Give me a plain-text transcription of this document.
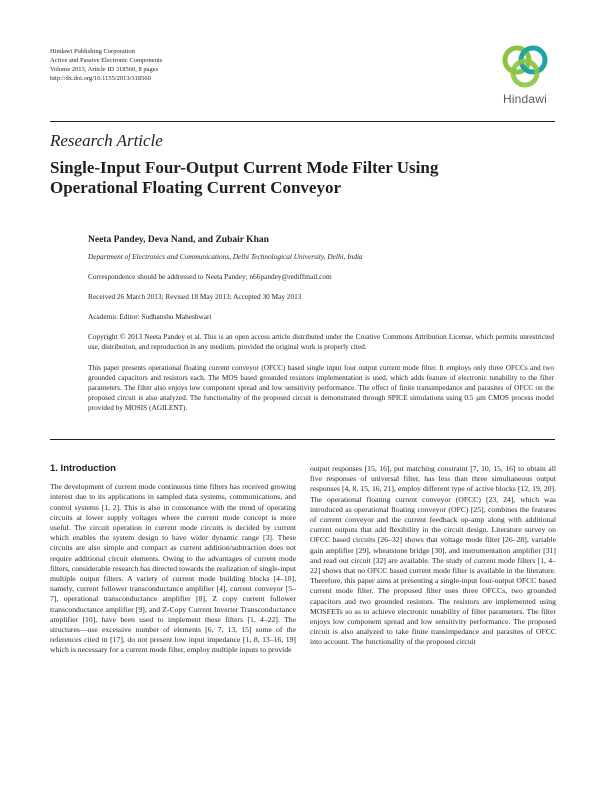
Hindawi Publishing Corporation
Active and Passive Electronic Components
Volume 2013, Article ID 318560, 8 pages
http://dx.doi.org/10.1155/2013/318560
Hindawi
Research Article
Single-Input Four-Output Current Mode Filter Using
Operational Floating Current Conveyor
Neeta Pandey, Deva Nand, and Zubair Khan
Department of Electronics and Communications, Delhi Technological University, Delhi, India
Correspondence should be addressed to Neeta Pandey; n66pandey@rediffmail.com
Received 26 March 2013; Revised 18 May 2013; Accepted 30 May 2013
Academic Editor: Sudhanshu Maheshwari
Copyright © 2013 Neeta Pandey et al. This is an open access article distributed under the Creative Commons Attribution License, which permits unrestricted use, distribution, and reproduction in any medium, provided the original work is properly cited.
This paper presents operational floating current conveyor (OFCC) based single input four output current mode filter. It employs only three OFCCs and two grounded capacitors and resistors each. The MOS based grounded resistors implementation is used, which adds feature of electronic tunability to the filter parameters. The filter also enjoys low component spread and low sensitivity performance. The effect of finite transimpedance and parasites of OFCC on the proposed circuit is also analyzed. The functionality of the proposed circuit is demonstrated through SPICE simulations using 0.5 µm CMOS process model provided by MOSIS (AGILENT).
1. Introduction

The development of current mode continuous time filters has received growing interest due to its applications in sampled data systems, communications, and control systems [1, 2]. This is also in consonance with the trend of operating circuits at lower supply voltages where the current mode concept is more useful. The circuit operation in current mode circuits is decided by current which enables the system design to have wider dynamic range [3]. These circuits are also simple and compact as current addition/subtraction does not require additional circuit elements. Owing to the advantages of current mode filters, considerable research has directed towards the realization of single-input multiple output filters. A variety of current mode building blocks [4–10], namely, current follower transconductance amplifier [4], current conveyor [5–7], operational transconductance amplifier [8], Z copy current follower transconductance amplifier [9], and Z-Copy Current Inverter Transconductance amplifier [10], have been used to implement these filters [1, 4–22]. The structures—use excessive number of elements [6, 7, 13, 15] some of the references cited in [17], do not present low input impedance [1, 8, 13–16, 19] which is necessary for a current mode filter, employ multiple inputs to provide

output responses [15, 16], put matching constraint [7, 10, 15, 16] to obtain all five responses of universal filter, has less than three simultaneous output responses [4, 8, 15, 16, 21], employ different type of active blocks [12, 19, 20]. The operational floating current conveyor (OFCC) [23, 24], which was introduced as operational floating conveyor (OFC) [25], combines the features of current conveyor and the current feedback op-amp along with additional current outputs that add flexibility in the circuit design. Literature survey on OFCC based circuits [26–32] shows that voltage mode filter [26–28], variable gain amplifier [29], wheatstone bridge [30], and instrumentation amplifier [31] and read out circuit [32] are available. The study of current mode filters [1, 4–22] shows that no OFCC based current mode filter is available in the literature. Therefore, this paper aims at presenting a single-input four-output OFCC based current mode filter. The proposed filter uses three OFCCs, two grounded capacitors and two grounded resistors. The resistors are implemented using MOSFETs so as to achieve electronic tunability of filter parameters. The filter enjoys low component spread and low sensitivity performance. The proposed circuit is also analyzed to take finite transimpedance and parasites of OFCC into account. The functionality of the proposed circuit
